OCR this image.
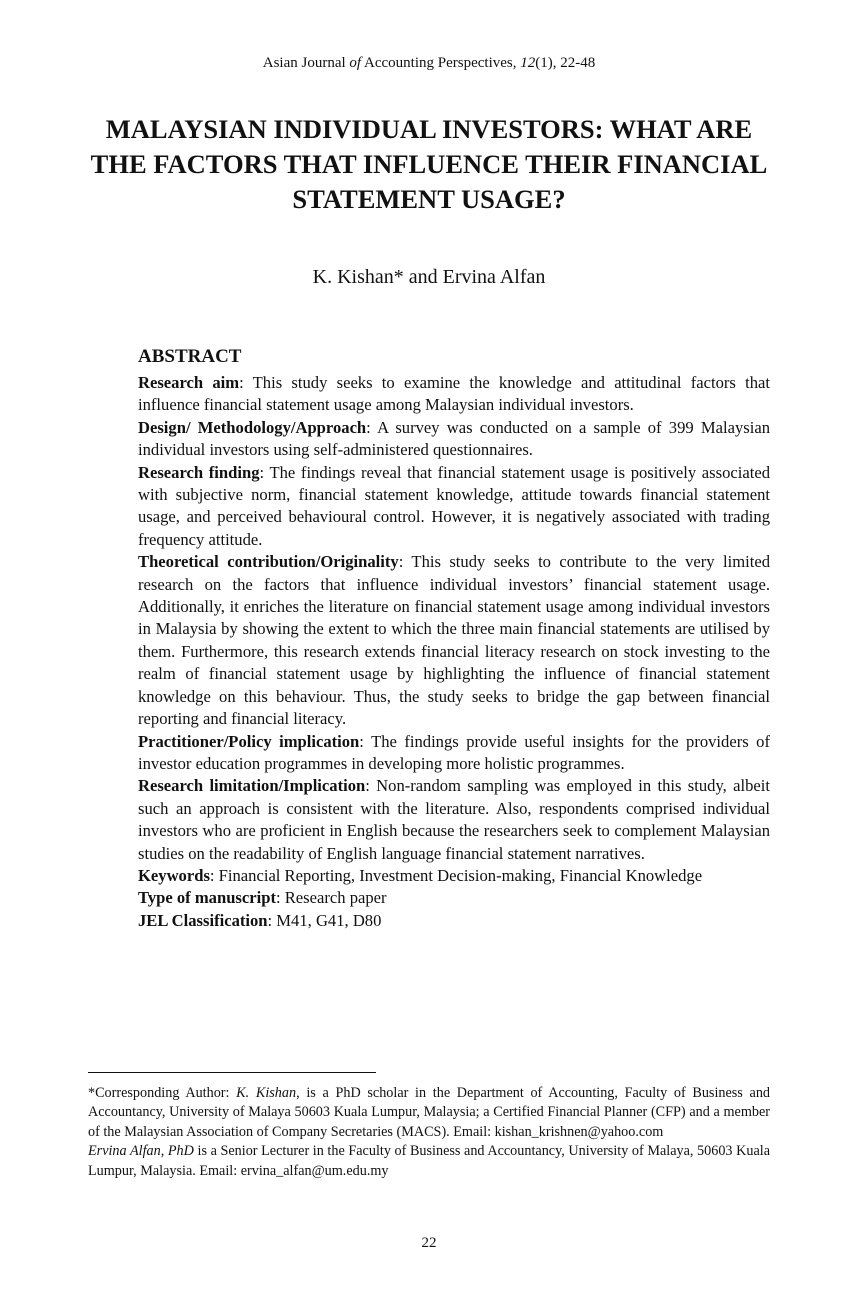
Asian Journal of Accounting Perspectives, 12(1), 22-48
MALAYSIAN INDIVIDUAL INVESTORS: WHAT ARE THE FACTORS THAT INFLUENCE THEIR FINANCIAL STATEMENT USAGE?
K. Kishan* and Ervina Alfan
ABSTRACT

Research aim: This study seeks to examine the knowledge and attitudinal factors that influence financial statement usage among Malaysian individual investors.

Design/ Methodology/Approach: A survey was conducted on a sample of 399 Malaysian individual investors using self-administered questionnaires.

Research finding: The findings reveal that financial statement usage is positively associated with subjective norm, financial statement knowledge, attitude towards financial statement usage, and perceived behavioural control. However, it is negatively associated with trading frequency attitude.

Theoretical contribution/Originality: This study seeks to contribute to the very limited research on the factors that influence individual investors’ financial statement usage. Additionally, it enriches the literature on financial statement usage among individual investors in Malaysia by showing the extent to which the three main financial statements are utilised by them. Furthermore, this research extends financial literacy research on stock investing to the realm of financial statement usage by highlighting the influence of financial statement knowledge on this behaviour. Thus, the study seeks to bridge the gap between financial reporting and financial literacy.

Practitioner/Policy implication: The findings provide useful insights for the providers of investor education programmes in developing more holistic programmes.

Research limitation/Implication: Non-random sampling was employed in this study, albeit such an approach is consistent with the literature. Also, respondents comprised individual investors who are proficient in English because the researchers seek to complement Malaysian studies on the readability of English language financial statement narratives.

Keywords: Financial Reporting, Investment Decision-making, Financial Knowledge

Type of manuscript: Research paper

JEL Classification: M41, G41, D80

*Corresponding Author: K. Kishan, is a PhD scholar in the Department of Accounting, Faculty of Business and Accountancy, University of Malaya 50603 Kuala Lumpur, Malaysia; a Certified Financial Planner (CFP) and a member of the Malaysian Association of Company Secretaries (MACS). Email: kishan_krishnen@yahoo.com

Ervina Alfan, PhD is a Senior Lecturer in the Faculty of Business and Accountancy, University of Malaya, 50603 Kuala Lumpur, Malaysia. Email: ervina_alfan@um.edu.my

22
